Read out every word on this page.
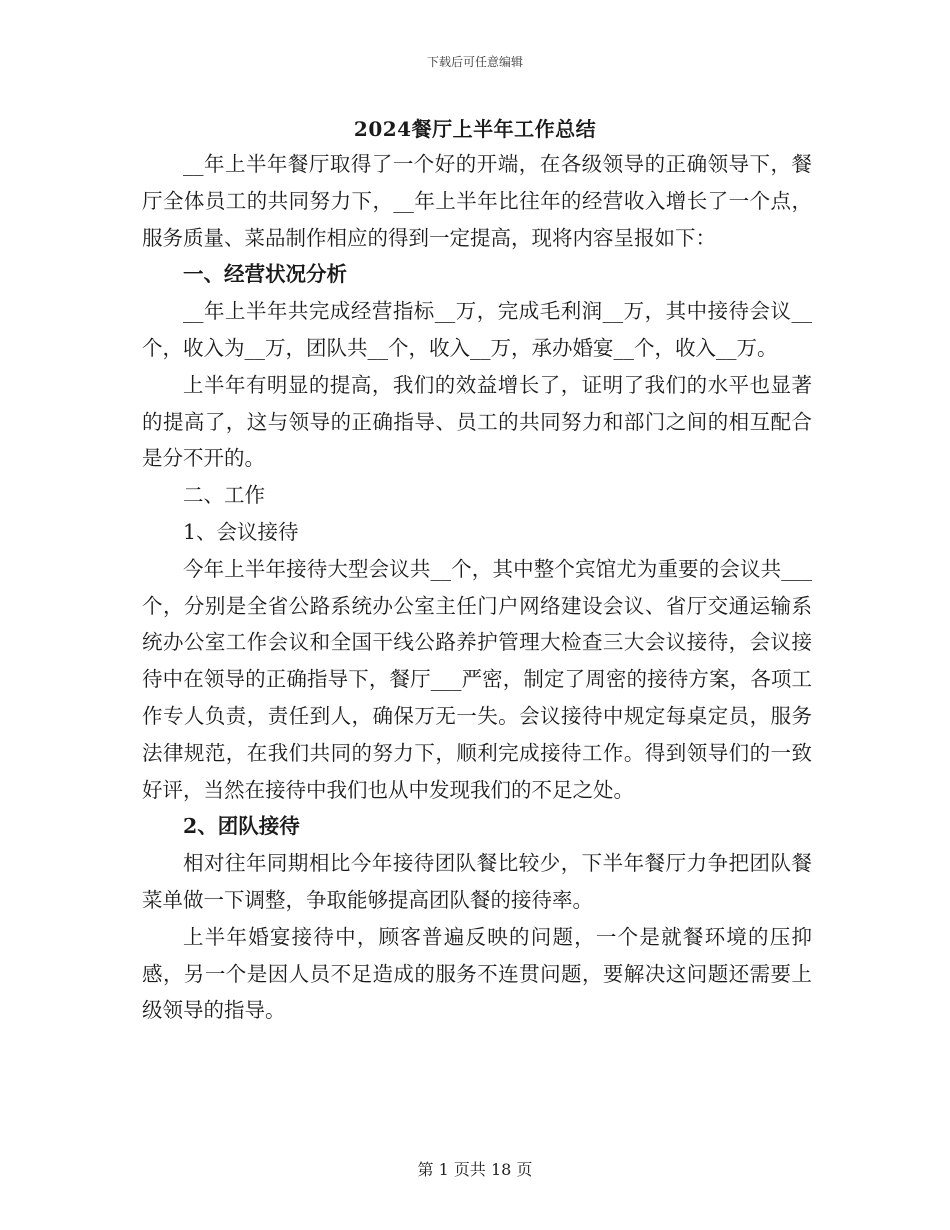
下载后可任意编辑
2024餐厅上半年工作总结

__年上半年餐厅取得了一个好的开端，在各级领导的正确领导下，餐厅全体员工的共同努力下，__年上半年比往年的经营收入增长了一个点，服务质量、菜品制作相应的得到一定提高，现将内容呈报如下：

一、经营状况分析

__年上半年共完成经营指标__万，完成毛利润__万，其中接待会议__个，收入为__万，团队共__个，收入__万，承办婚宴__个，收入__万。

上半年有明显的提高，我们的效益增长了，证明了我们的水平也显著的提高了，这与领导的正确指导、员工的共同努力和部门之间的相互配合是分不开的。

二、工作

1、会议接待

今年上半年接待大型会议共__个，其中整个宾馆尤为重要的会议共___个，分别是全省公路系统办公室主任门户网络建设会议、省厅交通运输系统办公室工作会议和全国干线公路养护管理大检查三大会议接待，会议接待中在领导的正确指导下，餐厅___严密，制定了周密的接待方案，各项工作专人负责，责任到人，确保万无一失。会议接待中规定每桌定员，服务法律规范，在我们共同的努力下，顺利完成接待工作。得到领导们的一致好评，当然在接待中我们也从中发现我们的不足之处。

2、团队接待

相对往年同期相比今年接待团队餐比较少，下半年餐厅力争把团队餐菜单做一下调整，争取能够提高团队餐的接待率。

上半年婚宴接待中，顾客普遍反映的问题，一个是就餐环境的压抑感，另一个是因人员不足造成的服务不连贯问题，要解决这问题还需要上级领导的指导。

第 1 页共 18 页
